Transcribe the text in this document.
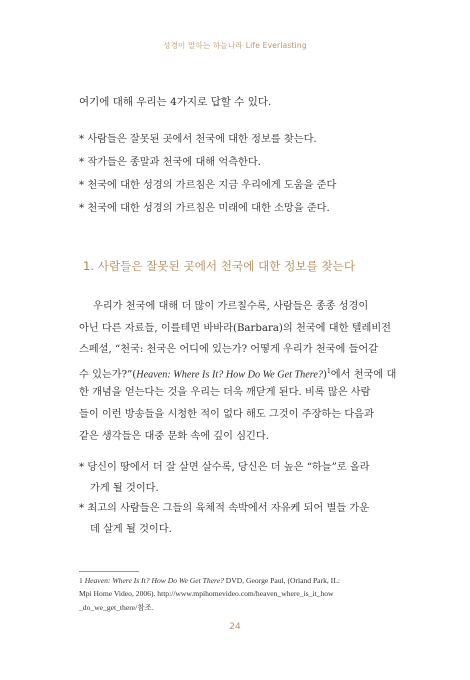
성경이 말하는 하늘나라 Life Everlasting
여기에 대해 우리는 4가지로 답할 수 있다.
* 사람들은 잘못된 곳에서 천국에 대한 정보를 찾는다.
* 작가들은 종말과 천국에 대해 억측한다.
* 천국에 대한 성경의 가르침은 지금 우리에게 도움을 준다
* 천국에 대한 성경의 가르침은 미래에 대한 소망을 준다.
1. 사람들은 잘못된 곳에서 천국에 대한 정보를 찾는다
우리가 천국에 대해 더 많이 가르칠수록, 사람들은 종종 성경이
아닌 다른 자료들, 이를테면 바바라(Barbara)의 천국에 대한 텔레비전
스페셜, “천국: 천국은 어디에 있는가? 어떻게 우리가 천국에 들어갈
수 있는가?”(Heaven: Where Is It? How Do We Get There?)$^1$에서 천국에 대
한 개념을 얻는다는 것을 우리는 더욱 깨닫게 된다. 비록 많은 사람
들이 이런 방송들을 시청한 적이 없다 해도 그것이 주장하는 다음과
같은 생각들은 대중 문화 속에 깊이 심긴다.
* 당신이 땅에서 더 잘 살면 살수록, 당신은 더 높은 “하늘”로 올라
가게 될 것이다.
* 최고의 사람들은 그들의 육체적 속박에서 자유케 되어 별들 가운
데 살게 될 것이다.
1 Heaven: Where Is It? How Do We Get There? DVD, George Paul, (Orland Park, IL:
Mpi Home Video, 2006). http://www.mpihomevideo.com/heaven_where_is_it_how
_do_we_get_there/참조.
24
